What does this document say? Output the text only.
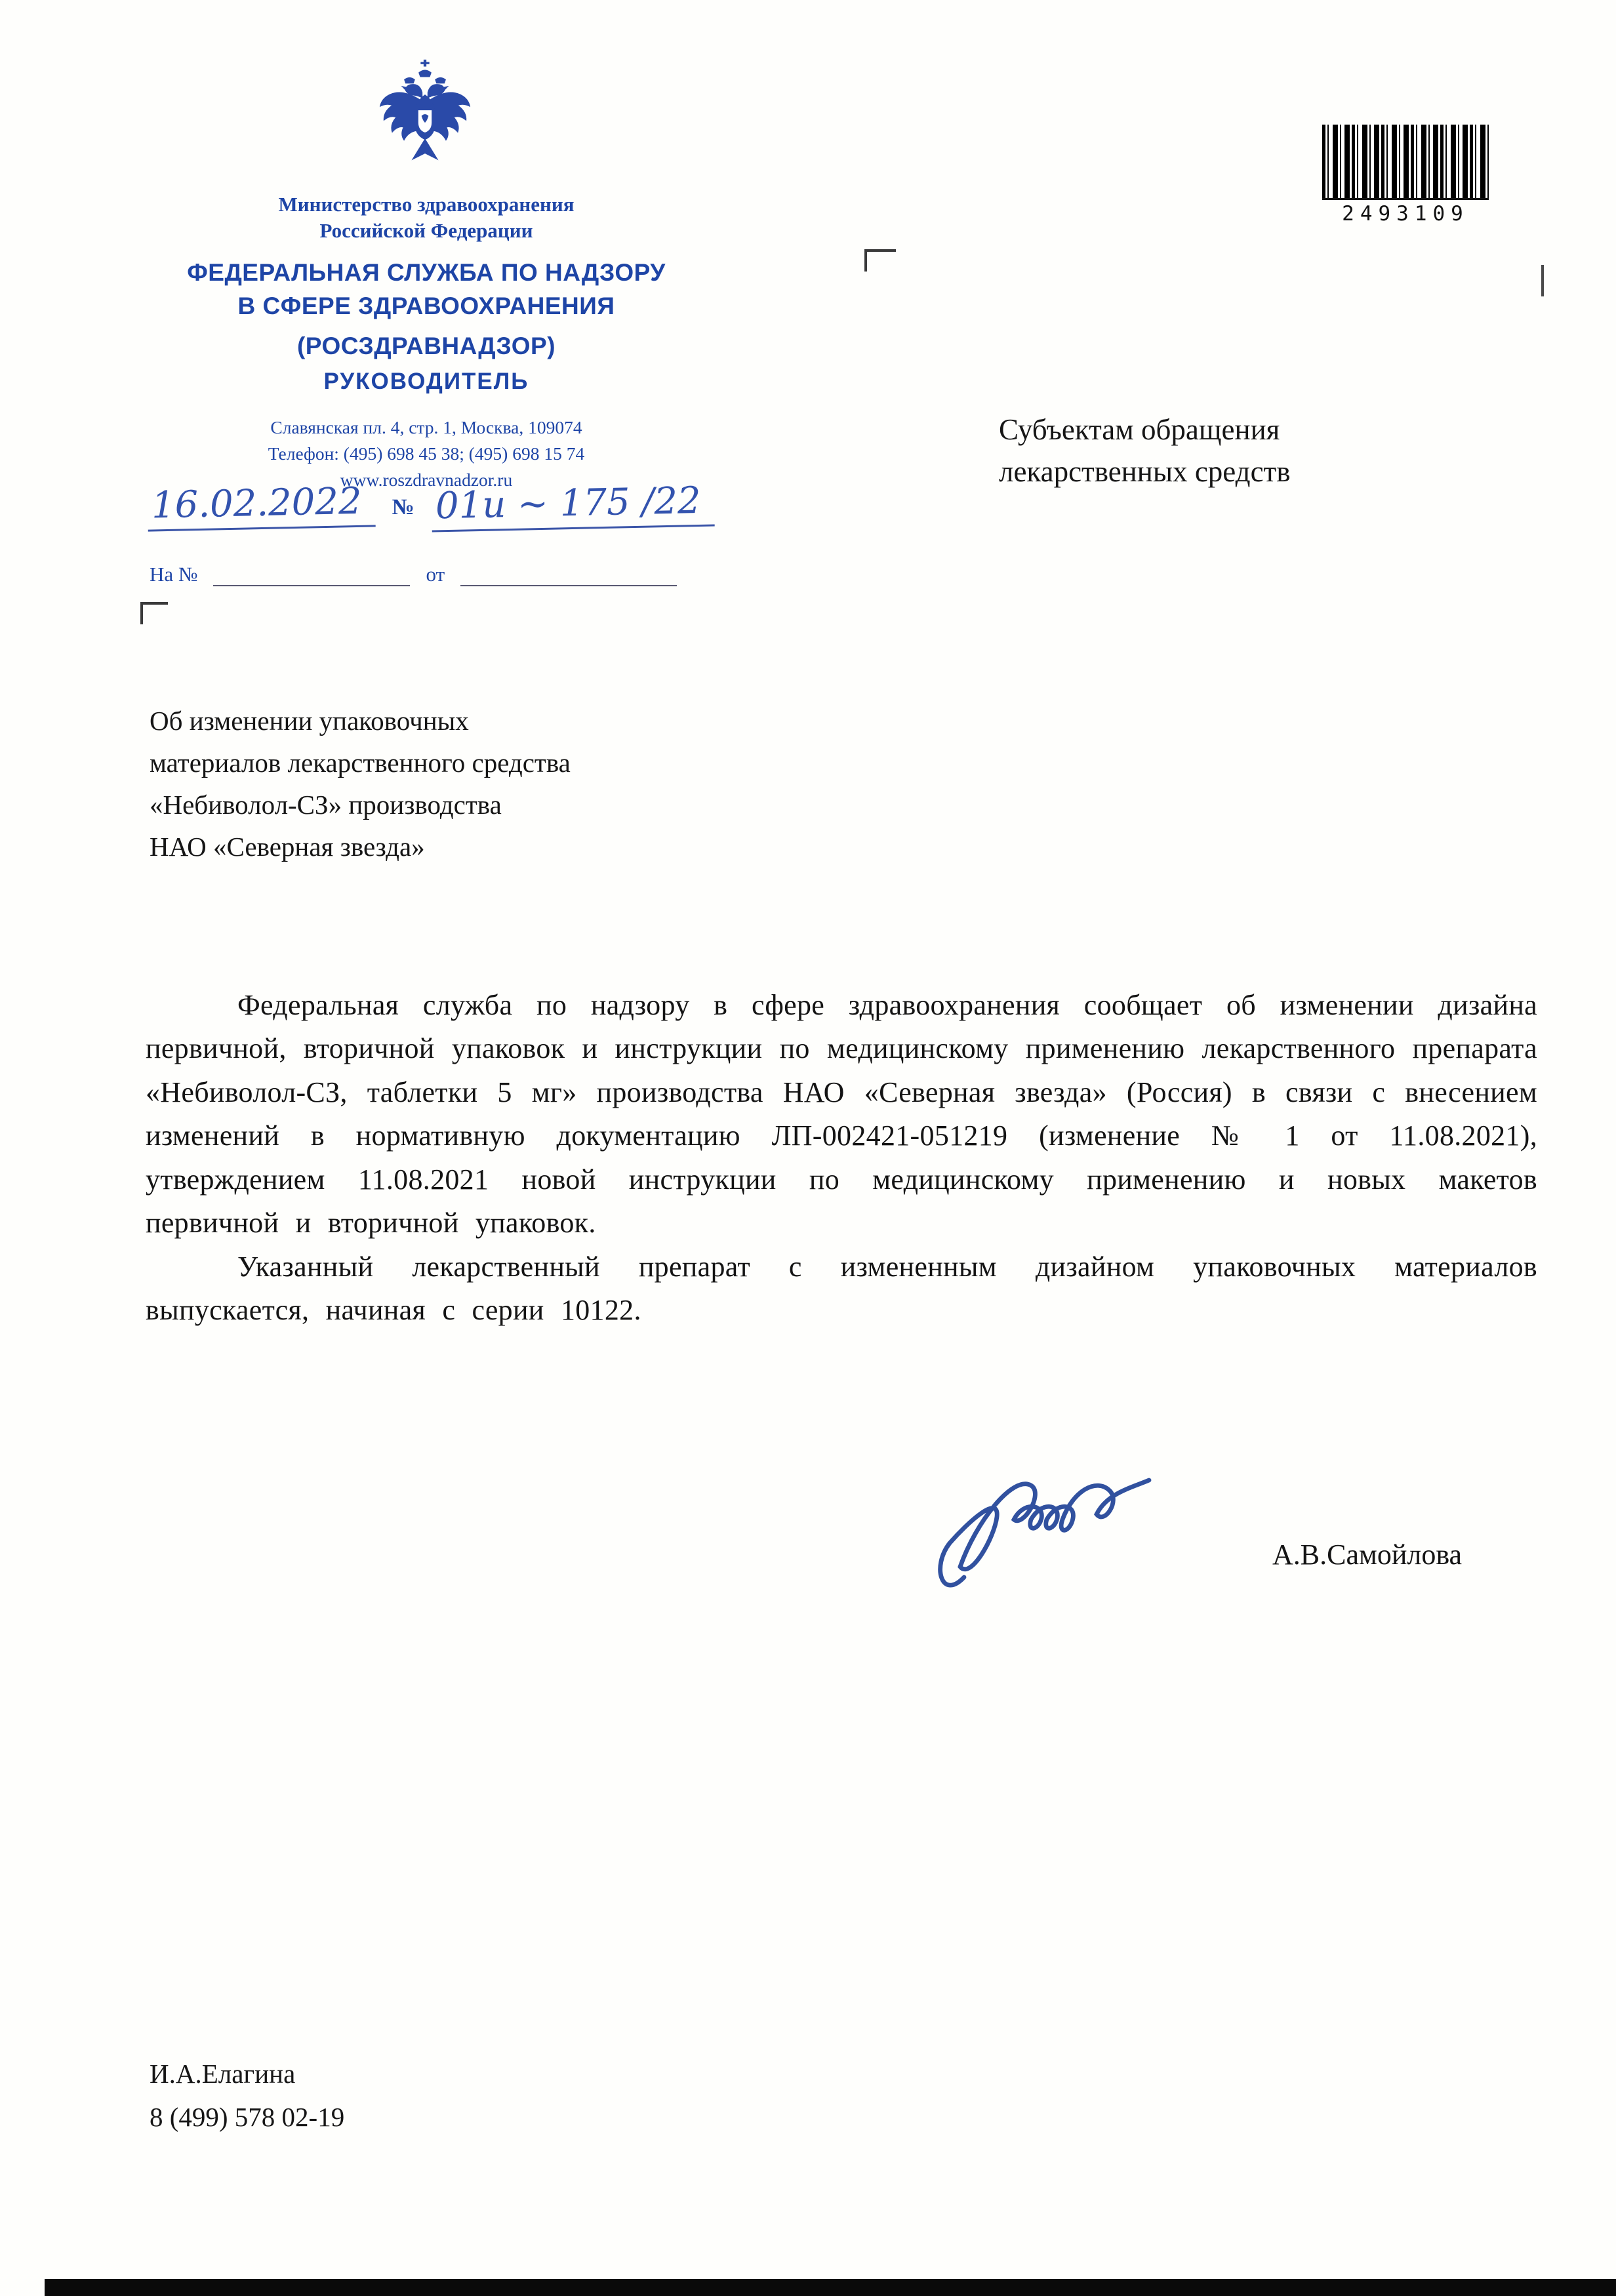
Министерство здравоохранения
Российской Федерации
ФЕДЕРАЛЬНАЯ СЛУЖБА ПО НАДЗОРУ
В СФЕРЕ ЗДРАВООХРАНЕНИЯ
(РОСЗДРАВНАДЗОР)
РУКОВОДИТЕЛЬ
Славянская пл. 4, стр. 1, Москва, 109074
Телефон: (495) 698 45 38; (495) 698 15 74
www.roszdravnadzor.ru
16.02.2022	№ 01и ~ 175 /22
На №	от
2493109
Субъектам обращения
лекарственных средств
Об изменении упаковочных
материалов лекарственного средства
«Небиволол-СЗ» производства
НАО «Северная звезда»

Федеральная служба по надзору в сфере здравоохранения сообщает об изменении дизайна первичной, вторичной упаковок и инструкции по медицинскому применению лекарственного препарата «Небиволол-СЗ, таблетки 5 мг» производства НАО «Северная звезда» (Россия) в связи с внесением изменений в нормативную документацию ЛП-002421-051219 (изменение № 1 от 11.08.2021), утверждением 11.08.2021 новой инструкции по медицинскому применению и новых макетов первичной и вторичной упаковок.

Указанный лекарственный препарат с измененным дизайном упаковочных материалов выпускается, начиная с серии 10122.

А.В.Самойлова
И.А.Елагина
8 (499) 578 02-19
